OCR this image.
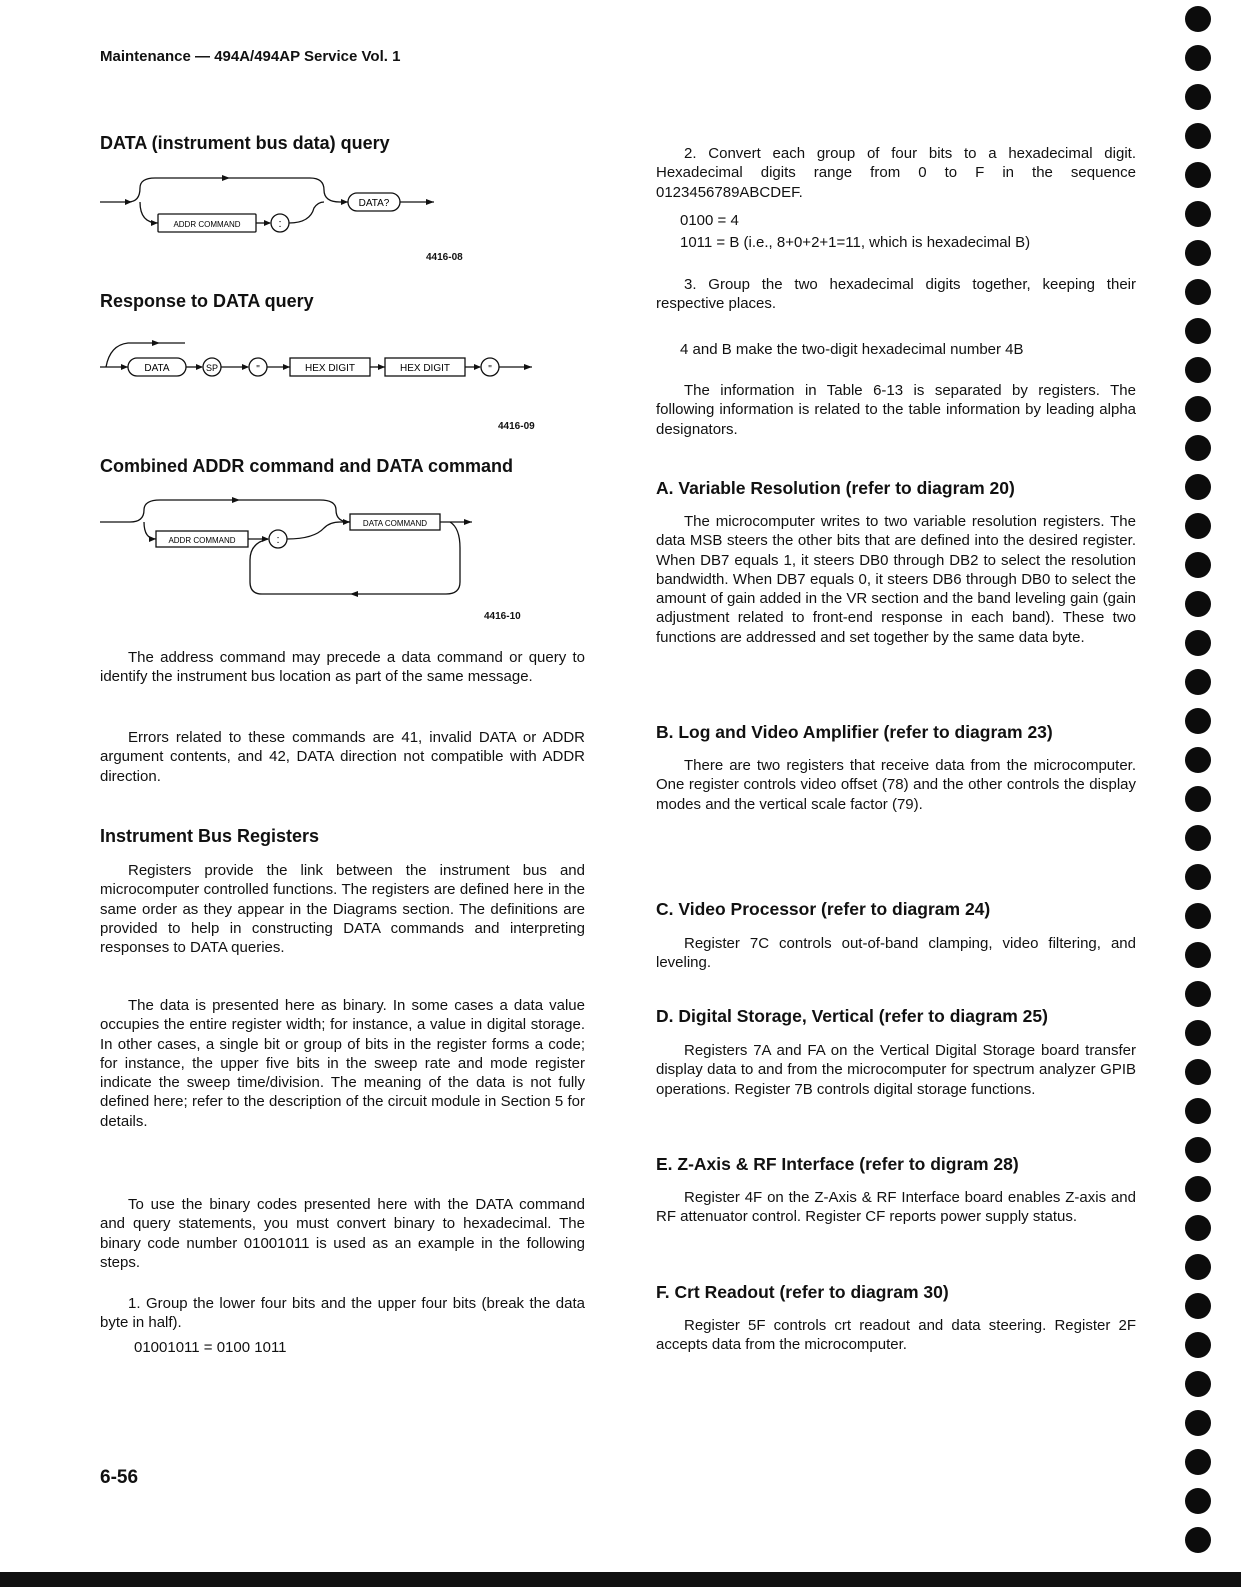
Maintenance — 494A/494AP Service Vol. 1
DATA (instrument bus data) query
ADDR COMMAND	:
DATA?
4416-08
Response to DATA query
DATA	SP	"	HEX DIGIT	HEX DIGIT	"
4416-09
Combined ADDR command and DATA command
ADDR COMMAND	:
DATA COMMAND
4416-10

The address command may precede a data command or query to identify the instrument bus location as part of the same message.

Errors related to these commands are 41, invalid DATA or ADDR argument contents, and 42, DATA direction not compatible with ADDR direction.

Instrument Bus Registers

Registers provide the link between the instrument bus and microcomputer controlled functions. The registers are defined here in the same order as they appear in the Diagrams section. The definitions are provided to help in constructing DATA commands and interpreting responses to DATA queries.

The data is presented here as binary. In some cases a data value occupies the entire register width; for instance, a value in digital storage. In other cases, a single bit or group of bits in the register forms a code; for instance, the upper five bits in the sweep rate and mode register indicate the sweep time/division. The meaning of the data is not fully defined here; refer to the description of the circuit module in Section 5 for details.

To use the binary codes presented here with the DATA command and query statements, you must convert binary to hexadecimal. The binary code number 01001011 is used as an example in the following steps.

1. Group the lower four bits and the upper four bits (break the data byte in half).

01001011 = 0100 1011
6-56

2. Convert each group of four bits to a hexadecimal digit. Hexadecimal digits range from 0 to F in the sequence 0123456789ABCDEF.

0100 = 4
1011 = B (i.e., 8+0+2+1=11, which is hexadecimal B)

3. Group the two hexadecimal digits together, keeping their respective places.

4 and B make the two-digit hexadecimal number 4B

The information in Table 6-13 is separated by registers. The following information is related to the table information by leading alpha designators.

A. Variable Resolution (refer to diagram 20)

The microcomputer writes to two variable resolution registers. The data MSB steers the other bits that are defined into the desired register. When DB7 equals 1, it steers DB0 through DB2 to select the resolution bandwidth. When DB7 equals 0, it steers DB6 through DB0 to select the amount of gain added in the VR section and the band leveling gain (gain adjustment related to front-end response in each band). These two functions are addressed and set together by the same data byte.

B. Log and Video Amplifier (refer to diagram 23)

There are two registers that receive data from the microcomputer. One register controls video offset (78) and the other controls the display modes and the vertical scale factor (79).

C. Video Processor (refer to diagram 24)

Register 7C controls out-of-band clamping, video filtering, and leveling.

D. Digital Storage, Vertical (refer to diagram 25)

Registers 7A and FA on the Vertical Digital Storage board transfer display data to and from the microcomputer for spectrum analyzer GPIB operations. Register 7B controls digital storage functions.

E. Z-Axis & RF Interface (refer to digram 28)

Register 4F on the Z-Axis & RF Interface board enables Z-axis and RF attenuator control. Register CF reports power supply status.

F. Crt Readout (refer to diagram 30)

Register 5F controls crt readout and data steering. Register 2F accepts data from the microcomputer.
